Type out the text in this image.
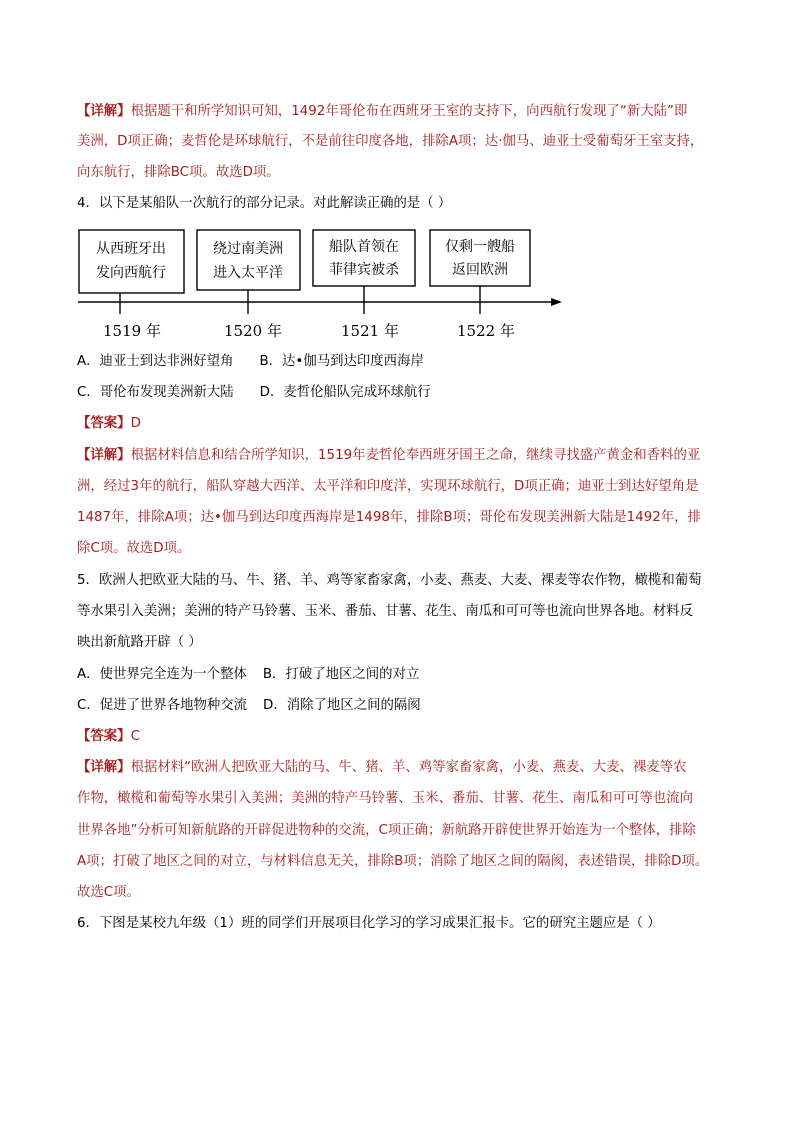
【详解】根据题干和所学知识可知，1492年哥伦布在西班牙王室的支持下，向西航行发现了“新大陆”即
美洲，D项正确；麦哲伦是环球航行，不是前往印度各地，排除A项；达·伽马、迪亚士受葡萄牙王室支持，
向东航行，排除BC项。故选D项。
4．以下是某船队一次航行的部分记录。对此解读正确的是（ ）
从西班牙出
发向西航行
绕过南美洲
进入太平洋
船队首领在
菲律宾被杀
仅剩一艘船
返回欧洲
1519 年	1520 年	1521 年	1522 年
A．迪亚士到达非洲好望角 B．达•伽马到达印度西海岸
C．哥伦布发现美洲新大陆 D．麦哲伦船队完成环球航行
【答案】D
【详解】根据材料信息和结合所学知识，1519年麦哲伦奉西班牙国王之命，继续寻找盛产黄金和香料的亚
洲，经过3年的航行，船队穿越大西洋、太平洋和印度洋，实现环球航行，D项正确；迪亚士到达好望角是
1487年，排除A项；达•伽马到达印度西海岸是1498年，排除B项；哥伦布发现美洲新大陆是1492年，排
除C项。故选D项。
5．欧洲人把欧亚大陆的马、牛、猪、羊、鸡等家畜家禽，小麦、燕麦、大麦、裸麦等农作物，橄榄和葡萄
等水果引入美洲；美洲的特产马铃薯、玉米、番茄、甘薯、花生、南瓜和可可等也流向世界各地。材料反
映出新航路开辟（ ）
A．使世界完全连为一个整体 B．打破了地区之间的对立
C．促进了世界各地物种交流 D．消除了地区之间的隔阂
【答案】C
【详解】根据材料“欧洲人把欧亚大陆的马、牛、猪、羊、鸡等家畜家禽，小麦、燕麦、大麦、裸麦等农
作物，橄榄和葡萄等水果引入美洲；美洲的特产马铃薯、玉米、番茄、甘薯、花生、南瓜和可可等也流向
世界各地”分析可知新航路的开辟促进物种的交流，C项正确；新航路开辟使世界开始连为一个整体，排除
A项；打破了地区之间的对立，与材料信息无关，排除B项；消除了地区之间的隔阂，表述错误，排除D项。
故选C项。
6．下图是某校九年级（1）班的同学们开展项目化学习的学习成果汇报卡。它的研究主题应是（ ）
